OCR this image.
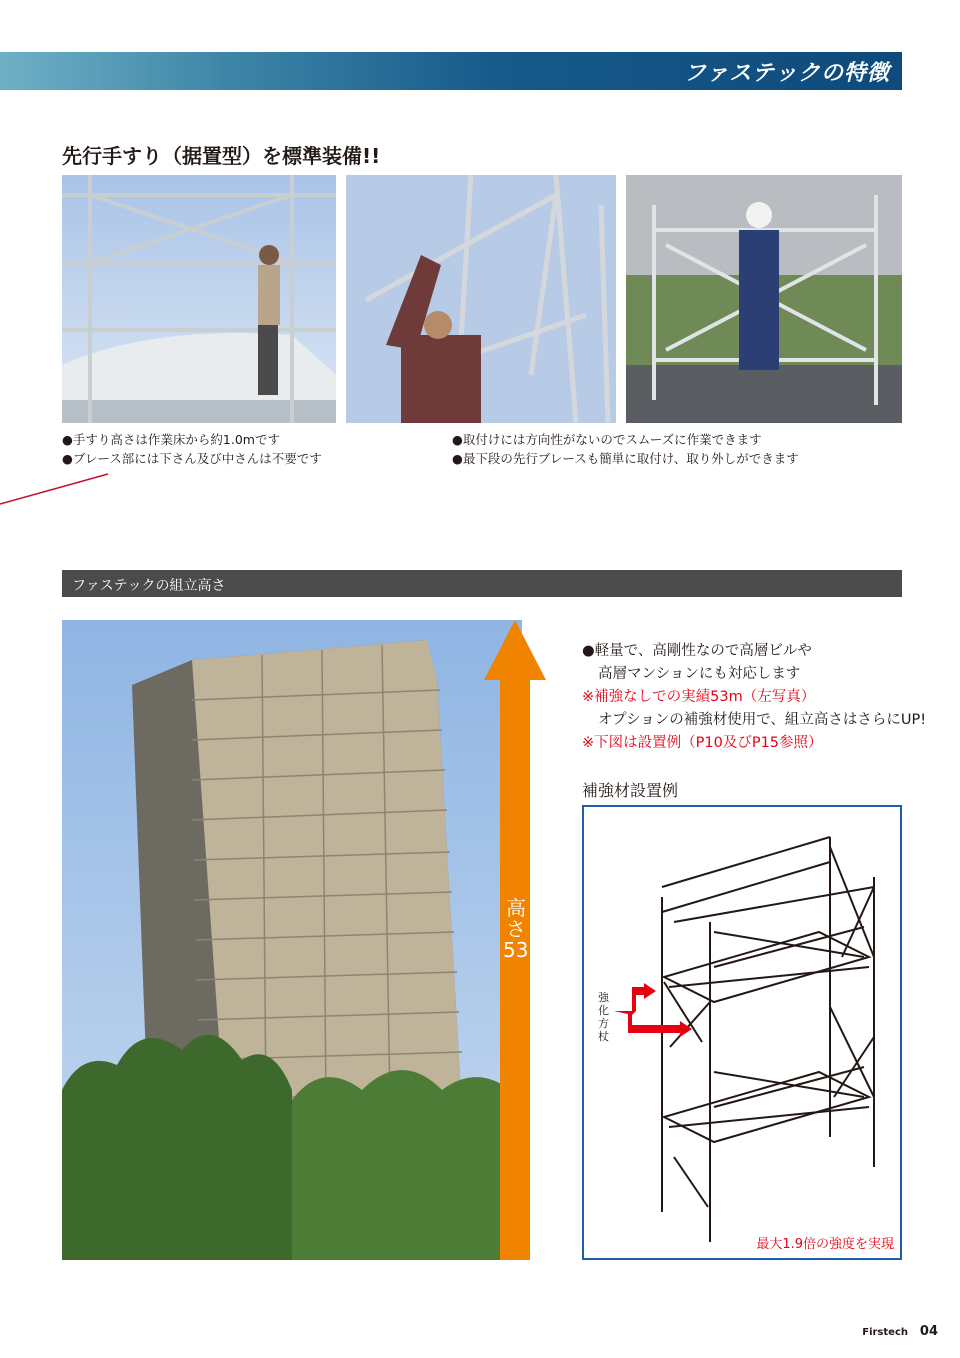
ファステックの特徴
先行手すり（据置型）を標準装備!!
●手すり高さは作業床から約1.0mです
●ブレース部には下さん及び中さんは不要です
●取付けには方向性がないのでスムーズに作業できます
●最下段の先行ブレースも簡単に取付け、取り外しができます
ファステックの組立高さ
高さ53m
●軽量で、高剛性なので高層ビルや
高層マンションにも対応します
※補強なしでの実績53m（左写真）
オプションの補強材使用で、組立高さはさらにUP!
※下図は設置例（P10及びP15参照）
補強材設置例
強化方杖
最大1.9倍の強度を実現
Firstech 04
